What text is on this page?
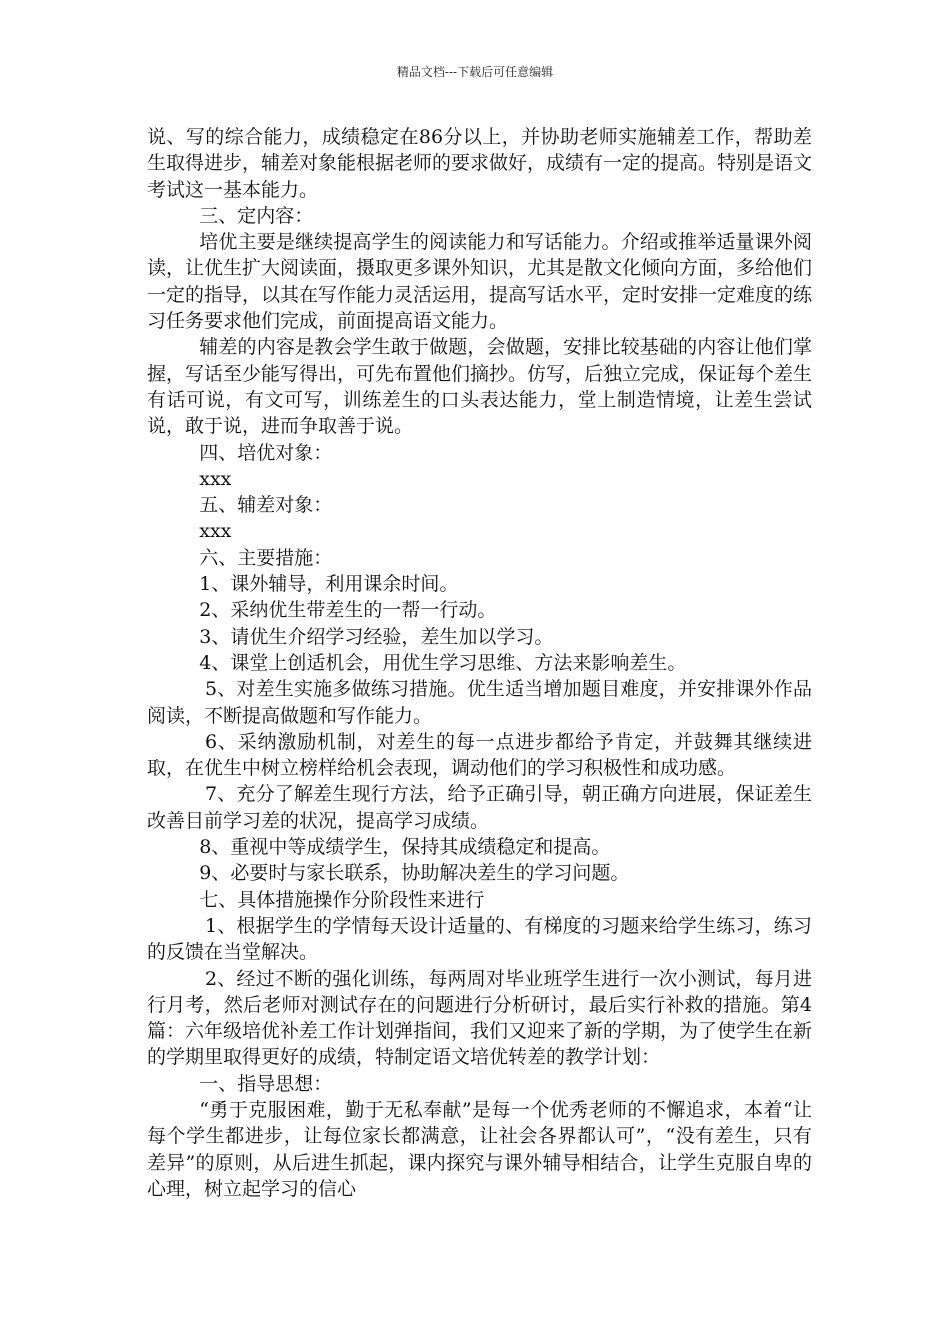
精品文档---下载后可任意编辑

说、写的综合能力，成绩稳定在86分以上，并协助老师实施辅差工作，帮助差生取得进步，辅差对象能根据老师的要求做好，成绩有一定的提高。特别是语文考试这一基本能力。

三、定内容：

培优主要是继续提高学生的阅读能力和写话能力。介绍或推举适量课外阅读，让优生扩大阅读面，摄取更多课外知识，尤其是散文化倾向方面，多给他们一定的指导，以其在写作能力灵活运用，提高写话水平，定时安排一定难度的练习任务要求他们完成，前面提高语文能力。

辅差的内容是教会学生敢于做题，会做题，安排比较基础的内容让他们掌握，写话至少能写得出，可先布置他们摘抄。仿写，后独立完成，保证每个差生有话可说，有文可写，训练差生的口头表达能力，堂上制造情境，让差生尝试说，敢于说，进而争取善于说。

四、培优对象：

xxx

五、辅差对象：

xxx

六、主要措施：

1、课外辅导，利用课余时间。

2、采纳优生带差生的一帮一行动。

3、请优生介绍学习经验，差生加以学习。

4、课堂上创适机会，用优生学习思维、方法来影响差生。

5、对差生实施多做练习措施。优生适当增加题目难度，并安排课外作品阅读，不断提高做题和写作能力。

6、采纳激励机制，对差生的每一点进步都给予肯定，并鼓舞其继续进取，在优生中树立榜样给机会表现，调动他们的学习积极性和成功感。

7、充分了解差生现行方法，给予正确引导，朝正确方向进展，保证差生改善目前学习差的状况，提高学习成绩。

8、重视中等成绩学生，保持其成绩稳定和提高。

9、必要时与家长联系，协助解决差生的学习问题。

七、具体措施操作分阶段性来进行

1、根据学生的学情每天设计适量的、有梯度的习题来给学生练习，练习的反馈在当堂解决。

2、经过不断的强化训练，每两周对毕业班学生进行一次小测试，每月进行月考，然后老师对测试存在的问题进行分析研讨，最后实行补救的措施。第4篇：六年级培优补差工作计划弹指间，我们又迎来了新的学期，为了使学生在新的学期里取得更好的成绩，特制定语文培优转差的教学计划：

一、指导思想：

“勇于克服困难，勤于无私奉献”是每一个优秀老师的不懈追求，本着“让每个学生都进步，让每位家长都满意，让社会各界都认可”，“没有差生，只有差异”的原则，从后进生抓起，课内探究与课外辅导相结合，让学生克服自卑的心理，树立起学习的信心
